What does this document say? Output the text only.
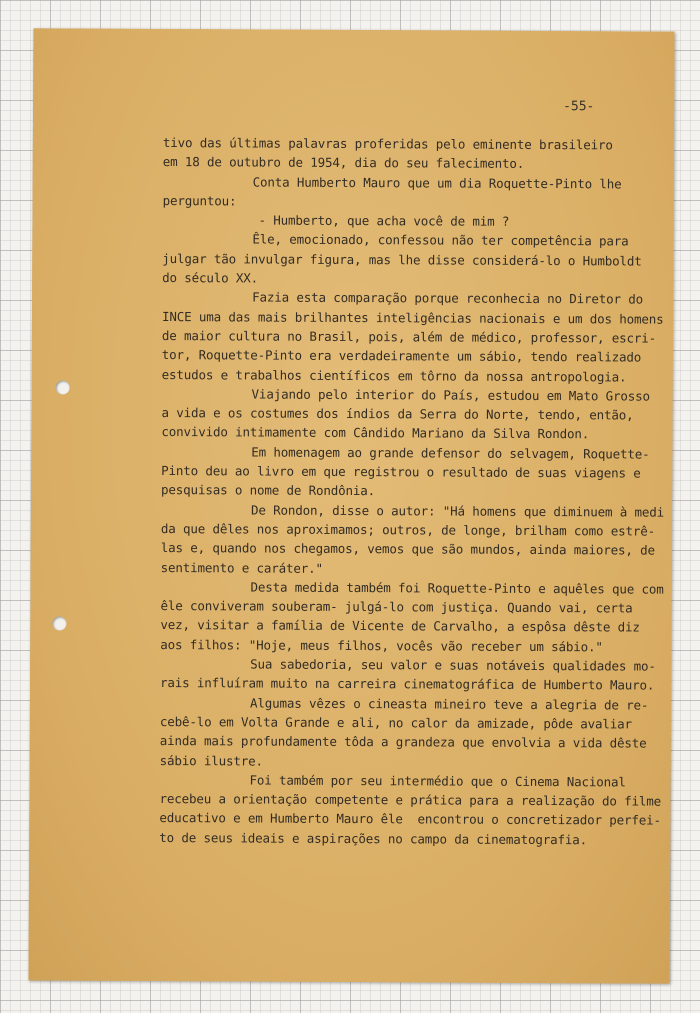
-55-
tivo das últimas palavras proferidas pelo eminente brasileiro
em 18 de outubro de 1954, dia do seu falecimento.
Conta Humberto Mauro que um dia Roquette-Pinto lhe
perguntou:
- Humberto, que acha você de mim ?
Êle, emocionado, confessou não ter competência para
julgar tão invulgar figura, mas lhe disse considerá-lo o Humboldt
do século XX.
Fazia esta comparação porque reconhecia no Diretor do
INCE uma das mais brilhantes inteligências nacionais e um dos homens
de maior cultura no Brasil, pois, além de médico, professor, escri-
tor, Roquette-Pinto era verdadeiramente um sábio, tendo realizado
estudos e trabalhos científicos em tôrno da nossa antropologia.
Viajando pelo interior do País, estudou em Mato Grosso
a vida e os costumes dos índios da Serra do Norte, tendo, então,
convivido intimamente com Cândido Mariano da Silva Rondon.
Em homenagem ao grande defensor do selvagem, Roquette-
Pinto deu ao livro em que registrou o resultado de suas viagens e
pesquisas o nome de Rondônia.
De Rondon, disse o autor: "Há homens que diminuem à medi
da que dêles nos aproximamos; outros, de longe, brilham como estrê-
las e, quando nos chegamos, vemos que são mundos, ainda maiores, de
sentimento e caráter."
Desta medida também foi Roquette-Pinto e aquêles que com
êle conviveram souberam- julgá-lo com justiça. Quando vai, certa
vez, visitar a família de Vicente de Carvalho, a espôsa dêste diz
aos filhos: "Hoje, meus filhos, vocês vão receber um sábio."
Sua sabedoria, seu valor e suas notáveis qualidades mo-
rais influíram muito na carreira cinematográfica de Humberto Mauro.
Algumas vêzes o cineasta mineiro teve a alegria de re-
cebê-lo em Volta Grande e ali, no calor da amizade, pôde avaliar
ainda mais profundamente tôda a grandeza que envolvia a vida dêste
sábio ilustre.
Foi também por seu intermédio que o Cinema Nacional
recebeu a orientação competente e prática para a realização do filme
educativo e em Humberto Mauro êle  encontrou o concretizador perfei-
to de seus ideais e aspirações no campo da cinematografia.
